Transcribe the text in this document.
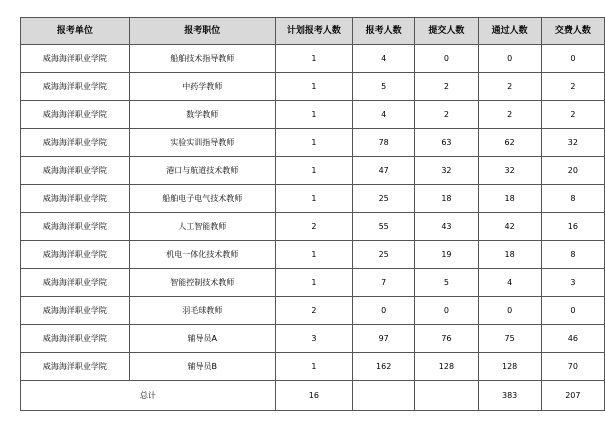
报考单位	报考职位	计划报考人数	报考人数	提交人数	通过人数	交费人数
威海海洋职业学院	船舶技术指导教师	1	4	0	0	0
威海海洋职业学院	中药学教师	1	5	2	2	2
威海海洋职业学院	数学教师	1	4	2	2	2
威海海洋职业学院	实验实训指导教师	1	78	63	62	32
威海海洋职业学院	港口与航道技术教师	1	47	32	32	20
威海海洋职业学院	船舶电子电气技术教师	1	25	18	18	8
威海海洋职业学院	人工智能教师	2	55	43	42	16
威海海洋职业学院	机电一体化技术教师	1	25	19	18	8
威海海洋职业学院	智能控制技术教师	1	7	5	4	3
威海海洋职业学院	羽毛球教师	2	0	0	0	0
威海海洋职业学院	辅导员A	3	97	76	75	46
威海海洋职业学院	辅导员B	1	162	128	128	70
总计		16			383	207
